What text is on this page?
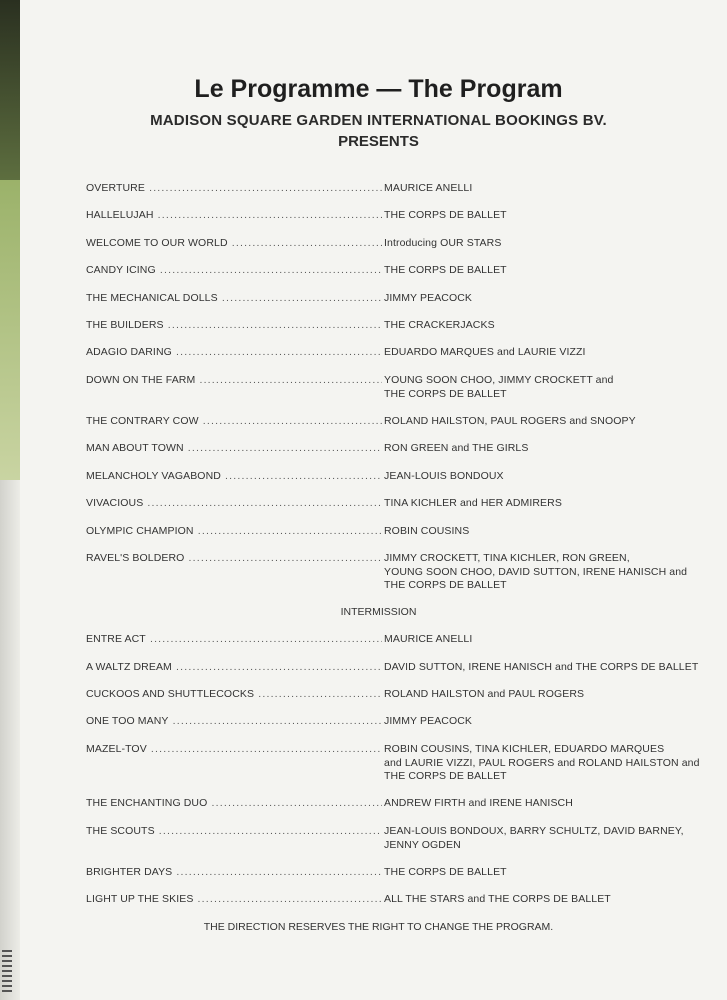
Le Programme — The Program
MADISON SQUARE GARDEN INTERNATIONAL BOOKINGS BV.
PRESENTS
OVERTURE .....	MAURICE ANELLI
HALLELUJAH .....	THE CORPS DE BALLET
WELCOME TO OUR WORLD .....	Introducing OUR STARS
CANDY ICING .....	THE CORPS DE BALLET
THE MECHANICAL DOLLS .....	JIMMY PEACOCK
THE BUILDERS .....	THE CRACKERJACKS
ADAGIO DARING .....	EDUARDO MARQUES and LAURIE VIZZI
DOWN ON THE FARM .....	YOUNG SOON CHOO, JIMMY CROCKETT and
THE CORPS DE BALLET
THE CONTRARY COW .....	ROLAND HAILSTON, PAUL ROGERS and SNOOPY
MAN ABOUT TOWN .....	RON GREEN and THE GIRLS
MELANCHOLY VAGABOND .....	JEAN-LOUIS BONDOUX
VIVACIOUS .....	TINA KICHLER and HER ADMIRERS
OLYMPIC CHAMPION .....	ROBIN COUSINS
RAVEL'S BOLDERO .....	JIMMY CROCKETT, TINA KICHLER, RON GREEN,
YOUNG SOON CHOO, DAVID SUTTON, IRENE HANISCH and
THE CORPS DE BALLET
INTERMISSION
ENTRE ACT .....	MAURICE ANELLI
A WALTZ DREAM .....	DAVID SUTTON, IRENE HANISCH and THE CORPS DE BALLET
CUCKOOS AND SHUTTLECOCKS .....	ROLAND HAILSTON and PAUL ROGERS
ONE TOO MANY .....	JIMMY PEACOCK
MAZEL-TOV .....	ROBIN COUSINS, TINA KICHLER, EDUARDO MARQUES
and LAURIE VIZZI, PAUL ROGERS and ROLAND HAILSTON and
THE CORPS DE BALLET
THE ENCHANTING DUO .....	ANDREW FIRTH and IRENE HANISCH
THE SCOUTS .....	JEAN-LOUIS BONDOUX, BARRY SCHULTZ, DAVID BARNEY,
JENNY OGDEN
BRIGHTER DAYS .....	THE CORPS DE BALLET
LIGHT UP THE SKIES .....	ALL THE STARS and THE CORPS DE BALLET
THE DIRECTION RESERVES THE RIGHT TO CHANGE THE PROGRAM.
